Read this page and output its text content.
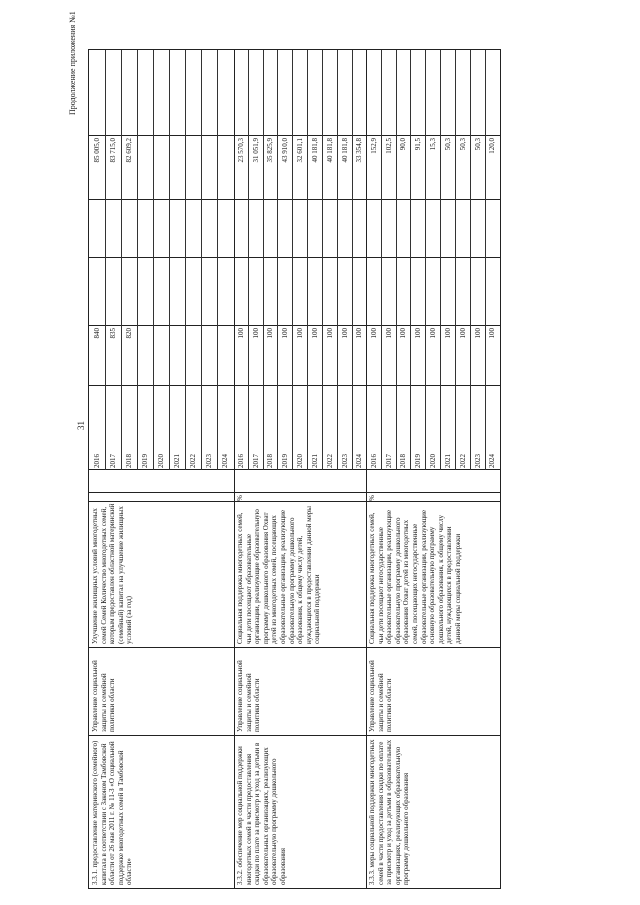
Продолжение приложения №1
31
3.3.1. предоставление материнского (семейного) капитала в соответствии с Законом Тамбовской области от 26 мая 2011 г. № 11-З «О социальной поддержке многодетных семей в Тамбовской области»
Управление социальной защиты и семейной политики области
Улучшение жилищных условий многодетных семей Семей Количество многодетных семей, которым предоставлен областной материнский (семейный) капитал на улучшение жилищных условий (за год)
2016 2017 2018 2019 2020 2021 2022 2023 2024
840 835 820
85 005,0 83 715,0 82 609,2
3.3.2. обеспечение мер социальной поддержки многодетных семей в части предоставления скидки по плате за присмотр и уход за детьми в образовательных организациях, реализующих образовательную программу дошкольного образования
Управление социальной защиты и семейной политики области
Социальная поддержка многодетных семей, чьи дети посещают образовательные организации, реализующие образовательную программу дошкольного образования Охват детей из многодетных семей, посещающих образовательные организации, реализующие образовательную программу дошкольного образования, к общему числу детей, нуждающихся в предоставлении данной меры социальной поддержки
%
2016 2017 2018 2019 2020 2021 2022 2023 2024
100 100 100 100 100 100 100 100 100
23 570,3 31 051,9 35 825,9 43 910,0 32 601,1 40 181,8 40 181,8 40 181,8 33 354,8
3.3.3. меры социальной поддержки многодетных семей в части предоставления скидки по оплате за присмотр и уход за детьми в образовательных организациях, реализующих образовательную программу дошкольного образования
Управление социальной защиты и семейной политики области
Социальная поддержка многодетных семей, чьи дети посещают негосударственные образовательные организации, реализующие образовательную программу дошкольного образования Охват детей из многодетных семей, посещающих негосударственные образовательные организации, реализующие основную образовательную программу дошкольного образования, к общему числу детей, нуждающихся в предоставлении данной меры социальной поддержки
%
2016 2017 2018 2019 2020 2021 2022 2023 2024
100 100 100 100 100 100 100 100 100
152,9 102,5 90,0 91,5 15,3 50,3 50,3 50,3 120,0
